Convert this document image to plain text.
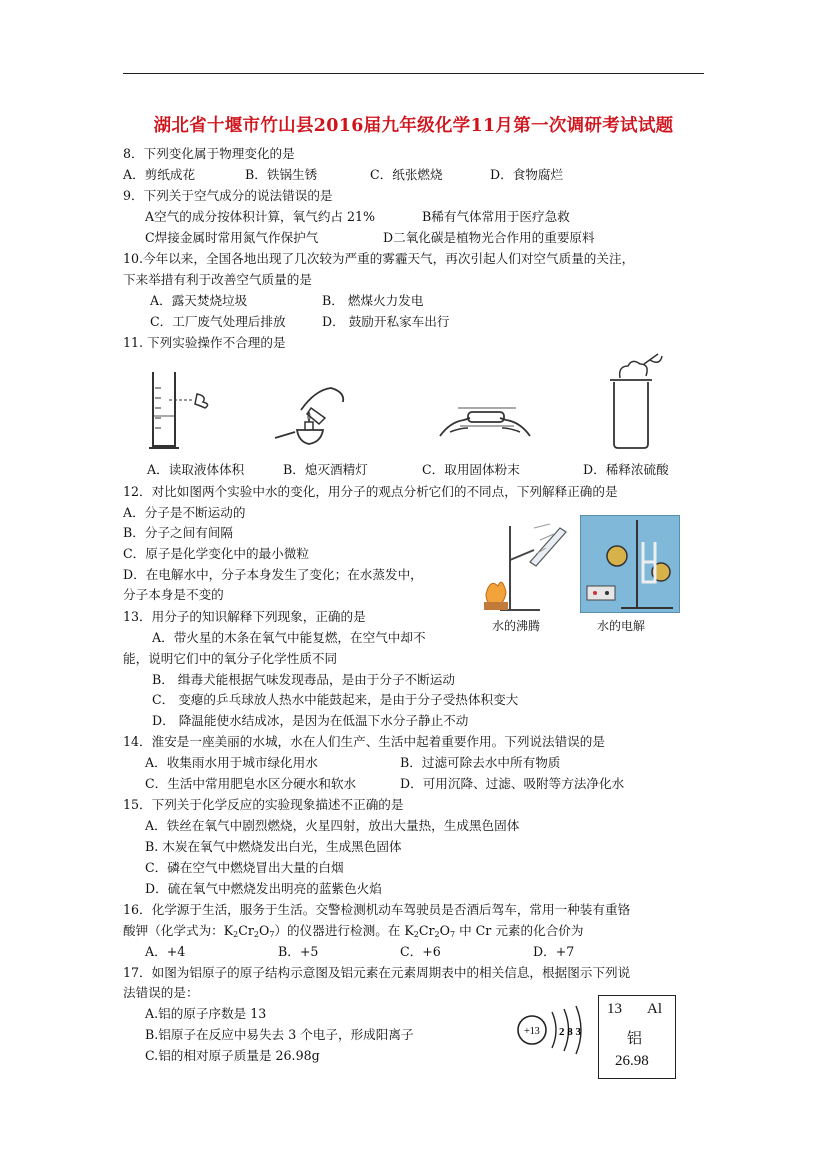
湖北省十堰市竹山县2016届九年级化学11月第一次调研考试试题
8．下列变化属于物理变化的是
A．剪纸成花	B．铁锅生锈	C．纸张燃烧	D．食物腐烂
9．下列关于空气成分的说法错误的是
A空气的成分按体积计算，氧气约占 21%	B稀有气体常用于医疗急救
C焊接金属时常用氮气作保护气	D二氧化碳是植物光合作用的重要原料
10.今年以来，全国各地出现了几次较为严重的雾霾天气，再次引起人们对空气质量的关注，
下来举措有利于改善空气质量的是
A．露天焚烧垃圾	B． 燃煤火力发电
C．工厂废气处理后排放	D． 鼓励开私家车出行
11. 下列实验操作不合理的是
A．读取液体体积	B．熄灭酒精灯	C．取用固体粉末	D．稀释浓硫酸
12．对比如图两个实验中水的变化，用分子的观点分析它们的不同点，下列解释正确的是
A．分子是不断运动的
B．分子之间有间隔
C．原子是化学变化中的最小微粒
D．在电解水中，分子本身发生了变化；在水蒸发中，
分子本身是不变的
水的沸腾	水的电解
13．用分子的知识解释下列现象，正确的是
A．带火星的木条在氧气中能复燃，在空气中却不
能，说明它们中的氧分子化学性质不同
B． 缉毒犬能根据气味发现毒品，是由于分子不断运动
C． 变瘪的乒乓球放人热水中能鼓起来，是由于分子受热体积变大
D． 降温能使水结成冰，是因为在低温下水分子静止不动
14．淮安是一座美丽的水城，水在人们生产、生活中起着重要作用。下列说法错误的是
A．收集雨水用于城市绿化用水	B．过滤可除去水中所有物质
C．生活中常用肥皂水区分硬水和软水	D．可用沉降、过滤、吸附等方法净化水
15．下列关于化学反应的实验现象描述不正确的是
A．铁丝在氧气中剧烈燃烧，火星四射，放出大量热，生成黑色固体
B. 木炭在氧气中燃烧发出白光，生成黑色固体
C．磷在空气中燃烧冒出大量的白烟
D．硫在氧气中燃烧发出明亮的蓝紫色火焰
16．化学源于生活，服务于生活。交警检测机动车驾驶员是否酒后驾车，常用一种装有重铬
酸钾（化学式为：$K_2Cr_2O_7$）的仪器进行检测。在 $K_2Cr_2O_7$ 中 Cr 元素的化合价为
A．+4	B．+5	C．+6	D．+7
17．如图为铝原子的原子结构示意图及铝元素在元素周期表中的相关信息，根据图示下列说
法错误的是：
A.铝的原子序数是 13
B.铝原子在反应中易失去 3 个电子，形成阳离子
C.铝的相对原子质量是 26.98g
+13 2 8 3
13 Al
铝
26.98
